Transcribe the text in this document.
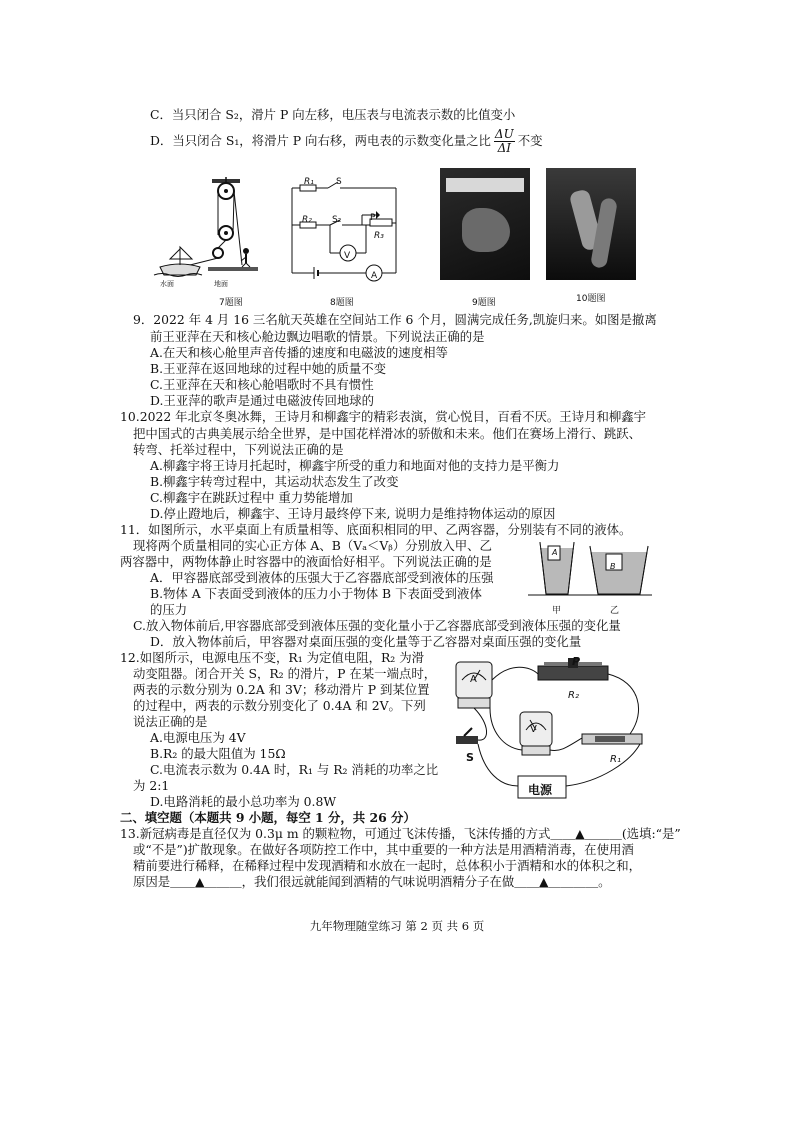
C．当只闭合 S₂，滑片 P 向左移，电压表与电流表示数的比值变小
D．当只闭合 S₁，将滑片 P 向右移，两电表的示数变化量之比 $\frac{\Delta U}{\Delta I}$ 不变
水面	地面
7题图
R₁ S
R₂ S₂	P
R₃
V
A
8题图	9题图	10题图
9．2022 年 4 月 16 三名航天英雄在空间站工作 6 个月，圆满完成任务,凯旋归来。如图是撤离
前王亚萍在天和核心舱边飘边唱歌的情景。下列说法正确的是
A.在天和核心舱里声音传播的速度和电磁波的速度相等
B.王亚萍在返回地球的过程中她的质量不变
C.王亚萍在天和核心舱唱歌时不具有惯性
D.王亚萍的歌声是通过电磁波传回地球的
10.2022 年北京冬奥冰舞，王诗月和柳鑫宇的精彩表演，赏心悦目，百看不厌。王诗月和柳鑫宇
把中国式的古典美展示给全世界，是中国花样滑冰的骄傲和未来。他们在赛场上滑行、跳跃、
转弯、托举过程中，下列说法正确的是
A.柳鑫宇将王诗月托起时，柳鑫宇所受的重力和地面对他的支持力是平衡力
B.柳鑫宇转弯过程中，其运动状态发生了改变
C.柳鑫宇在跳跃过程中 重力势能增加
D.停止蹬地后，柳鑫宇、王诗月最终停下来, 说明力是维持物体运动的原因
11．如图所示，水平桌面上有质量相等、底面积相同的甲、乙两容器，分别装有不同的液体。
现将两个质量相同的实心正方体 A、B（Vₐ＜Vᵦ）分别放入甲、乙
两容器中，两物体静止时容器中的液面恰好相平。下列说法正确的是
A．甲容器底部受到液体的压强大于乙容器底部受到液体的压强
B.物体 A 下表面受到液体的压力小于物体 B 下表面受到液体
的压力
C.放入物体前后,甲容器底部受到液体压强的变化量小于乙容器底部受到液体压强的变化量
D．放入物体前后，甲容器对桌面压强的变化量等于乙容器对桌面压强的变化量
A
B
甲	乙
12.如图所示，电源电压不变，R₁ 为定值电阻，R₂ 为滑
动变阻器。闭合开关 S，R₂ 的滑片，P 在某一端点时，
两表的示数分别为 0.2A 和 3V；移动滑片 P 到某位置
的过程中，两表的示数分别变化了 0.4A 和 2V。下列
说法正确的是
A.电源电压为 4V
B.R₂ 的最大阻值为 15Ω
C.电流表示数为 0.4A 时，R₁ 与 R₂ 消耗的功率之比
为 2:1
D.电路消耗的最小总功率为 0.8W
P
R₂
A
V
R₁
S
电源
二、填空题（本题共 9 小题，每空 1 分，共 26 分）
13.新冠病毒是直径仅为 0.3μ m 的颗粒物，可通过飞沫传播，飞沫传播的方式＿＿▲＿＿＿(选填:“是”
或“不是”)扩散现象。在做好各项防控工作中，其中重要的一种方法是用酒精消毒，在使用酒
精前要进行稀释，在稀释过程中发现酒精和水放在一起时，总体积小于酒精和水的体积之和，
原因是＿＿▲＿＿＿，我们很远就能闻到酒精的气味说明酒精分子在做＿＿▲＿＿＿＿。
九年物理随堂练习 第 2 页 共 6 页
